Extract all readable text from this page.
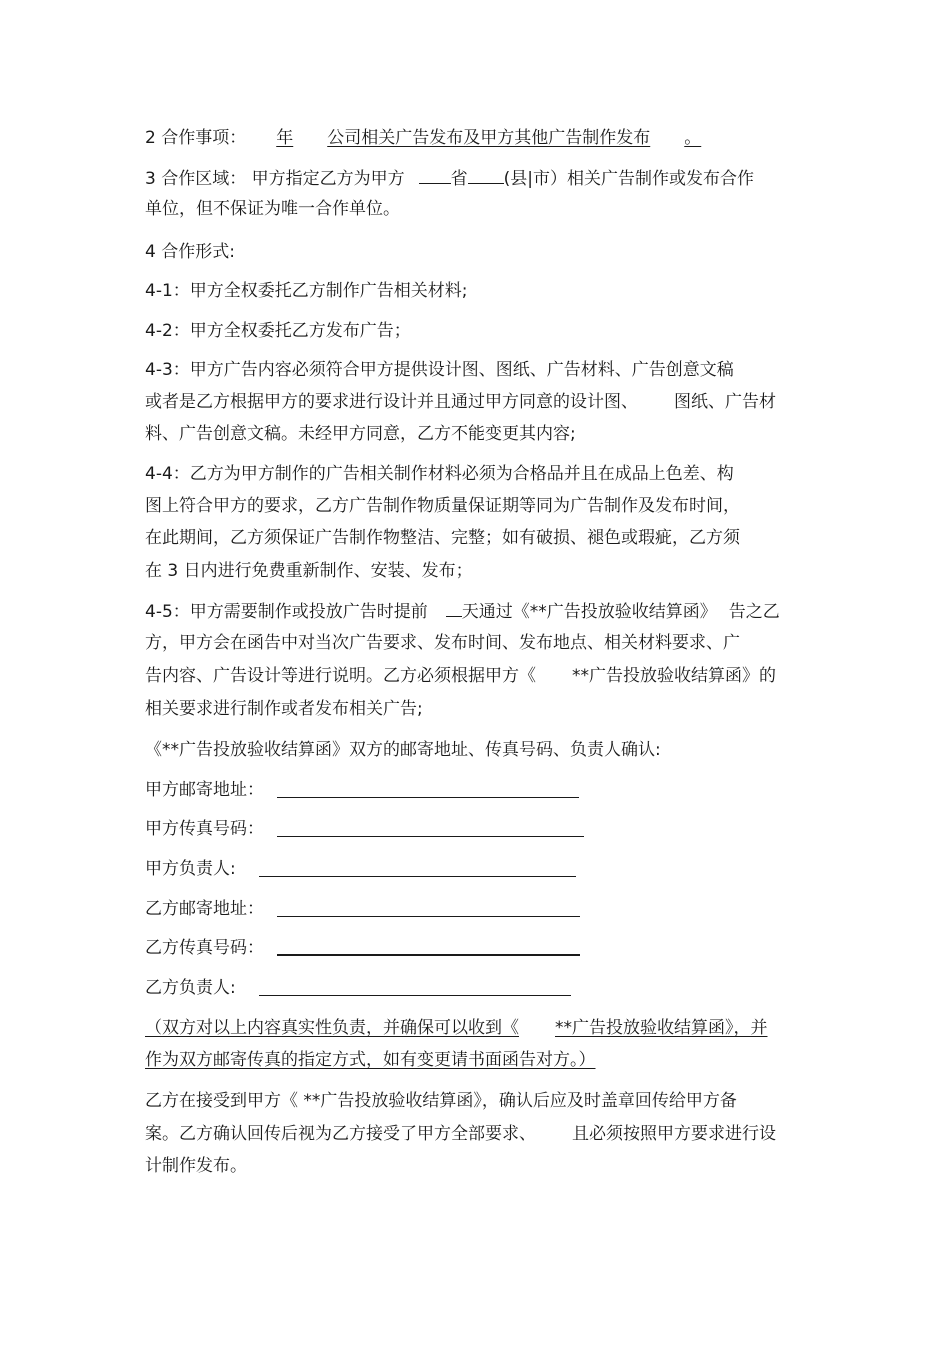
2 合作事项： 年 公司相关广告发布及甲方其他广告制作发布 。
3 合作区域： 甲方指定乙方为甲方	省 (县|市）相关广告制作或发布合作
单位，但不保证为唯一合作单位。
4 合作形式:
4-1：甲方全权委托乙方制作广告相关材料;
4-2：甲方全权委托乙方发布广告；
4-3：甲方广告内容必须符合甲方提供设计图、图纸、广告材料、广告创意文稿
或者是乙方根据甲方的要求进行设计并且通过甲方同意的设计图、 图纸、广告材
料、广告创意文稿。未经甲方同意，乙方不能变更其内容;
4-4：乙方为甲方制作的广告相关制作材料必须为合格品并且在成品上色差、构
图上符合甲方的要求，乙方广告制作物质量保证期等同为广告制作及发布时间，
在此期间，乙方须保证广告制作物整洁、完整；如有破损、褪色或瑕疵，乙方须
在 3 日内进行免费重新制作、安装、发布；
4-5：甲方需要制作或投放广告时提前 天通过《**广告投放验收结算函》 告之乙
方，甲方会在函告中对当次广告要求、发布时间、发布地点、相关材料要求、广
告内容、广告设计等进行说明。乙方必须根据甲方《 **广告投放验收结算函》的
相关要求进行制作或者发布相关广告;
《**广告投放验收结算函》双方的邮寄地址、传真号码、负责人确认:
甲方邮寄地址：
甲方传真号码：
甲方负责人:
乙方邮寄地址：
乙方传真号码：
乙方负责人:
（双方对以上内容真实性负责，并确保可以收到《 **广告投放验收结算函》，并
作为双方邮寄传真的指定方式，如有变更请书面函告对方。）
乙方在接受到甲方《 **广告投放验收结算函》，确认后应及时盖章回传给甲方备
案。乙方确认回传后视为乙方接受了甲方全部要求、 且必须按照甲方要求进行设
计制作发布。
